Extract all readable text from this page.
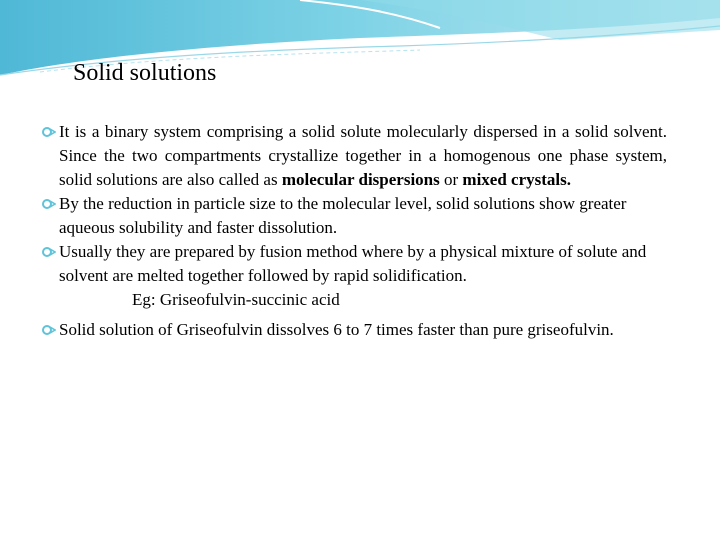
Solid solutions

It is a binary system comprising a solid solute molecularly dispersed in a solid solvent. Since the two compartments crystallize together in a homogenous one phase system, solid solutions are also called as molecular dispersions or mixed crystals.

By the reduction in particle size to the molecular level, solid solutions show greater aqueous solubility and faster dissolution.

Usually they are prepared by fusion method where by a physical mixture of solute and solvent are melted together followed by rapid solidification.

Eg: Griseofulvin-succinic acid

Solid solution of Griseofulvin dissolves 6 to 7 times faster than pure griseofulvin.
